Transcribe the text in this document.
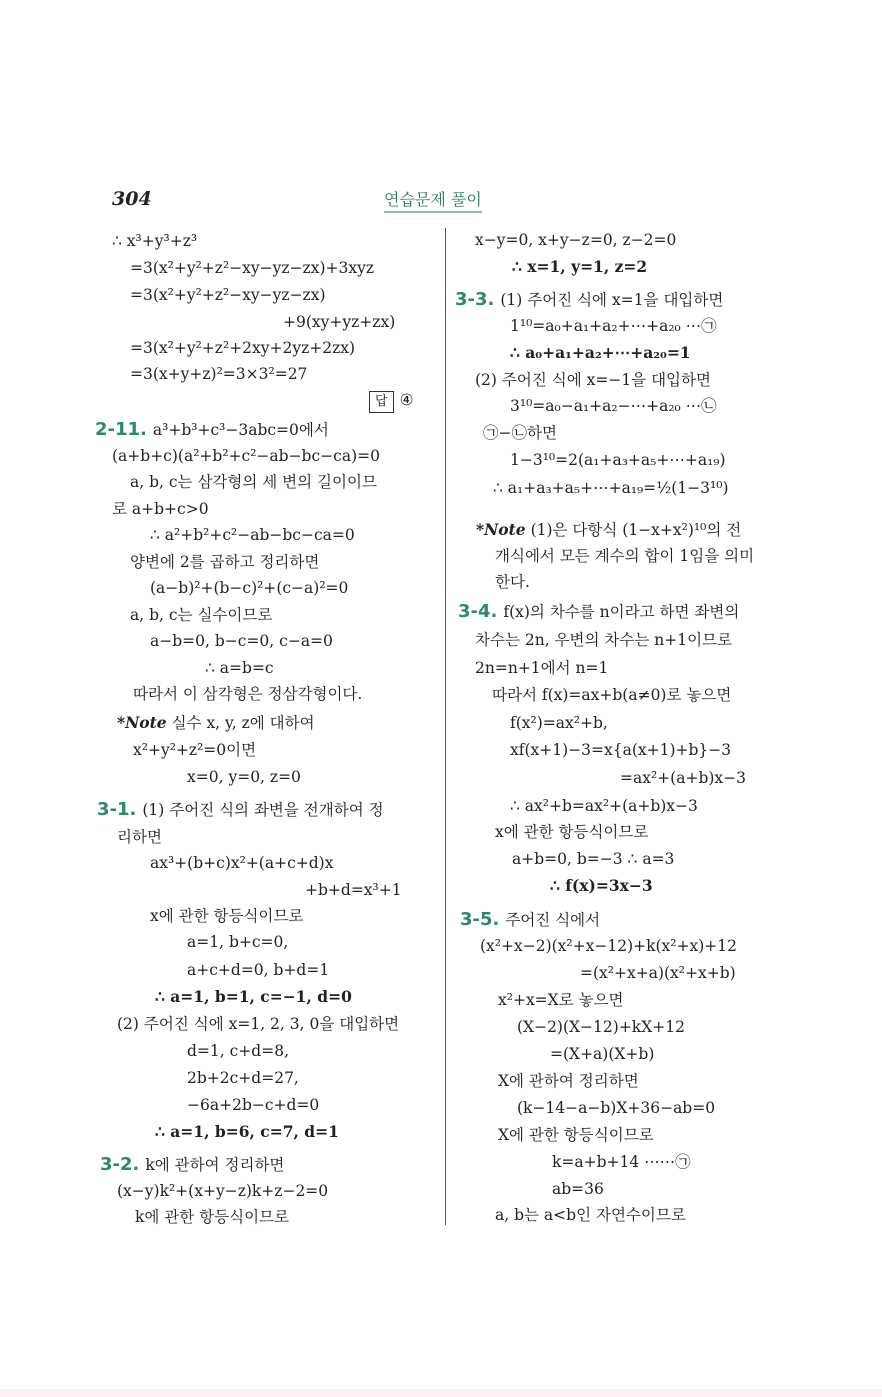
304	연습문제 풀이
∴ x³+y³+z³
=3(x²+y²+z²−xy−yz−zx)+3xyz
=3(x²+y²+z²−xy−yz−zx)
+9(xy+yz+zx)
=3(x²+y²+z²+2xy+2yz+2zx)
=3(x+y+z)²=3×3²=27
답 ④
2-11. a³+b³+c³−3abc=0에서
(a+b+c)(a²+b²+c²−ab−bc−ca)=0
a, b, c는 삼각형의 세 변의 길이이므
로 a+b+c>0
∴ a²+b²+c²−ab−bc−ca=0
양변에 2를 곱하고 정리하면
(a−b)²+(b−c)²+(c−a)²=0
a, b, c는 실수이므로
a−b=0, b−c=0, c−a=0
∴ a=b=c
따라서 이 삼각형은 정삼각형이다.
*Note 실수 x, y, z에 대하여
x²+y²+z²=0이면
x=0, y=0, z=0
3-1. (1) 주어진 식의 좌변을 전개하여 정
리하면
ax³+(b+c)x²+(a+c+d)x
+b+d=x³+1
x에 관한 항등식이므로
a=1, b+c=0,
a+c+d=0, b+d=1
∴ a=1, b=1, c=−1, d=0
(2) 주어진 식에 x=1, 2, 3, 0을 대입하면
d=1, c+d=8,
2b+2c+d=27,
−6a+2b−c+d=0
∴ a=1, b=6, c=7, d=1
3-2. k에 관하여 정리하면
(x−y)k²+(x+y−z)k+z−2=0
k에 관한 항등식이므로
x−y=0, x+y−z=0, z−2=0
∴ x=1, y=1, z=2
3-3. (1) 주어진 식에 x=1을 대입하면
1¹⁰=a₀+a₁+a₂+⋯+a₂₀ ⋯㉠
∴ a₀+a₁+a₂+⋯+a₂₀=1
(2) 주어진 식에 x=−1을 대입하면
3¹⁰=a₀−a₁+a₂−⋯+a₂₀ ⋯㉡
㉠−㉡하면
1−3¹⁰=2(a₁+a₃+a₅+⋯+a₁₉)
∴ a₁+a₃+a₅+⋯+a₁₉=½(1−3¹⁰)
*Note (1)은 다항식 (1−x+x²)¹⁰의 전
개식에서 모든 계수의 합이 1임을 의미
한다.
3-4. f(x)의 차수를 n이라고 하면 좌변의
차수는 2n, 우변의 차수는 n+1이므로
2n=n+1에서 n=1
따라서 f(x)=ax+b(a≠0)로 놓으면
f(x²)=ax²+b,
xf(x+1)−3=x{a(x+1)+b}−3
=ax²+(a+b)x−3
∴ ax²+b=ax²+(a+b)x−3
x에 관한 항등식이므로
a+b=0, b=−3 ∴ a=3
∴ f(x)=3x−3
3-5. 주어진 식에서
(x²+x−2)(x²+x−12)+k(x²+x)+12
=(x²+x+a)(x²+x+b)
x²+x=X로 놓으면
(X−2)(X−12)+kX+12
=(X+a)(X+b)
X에 관하여 정리하면
(k−14−a−b)X+36−ab=0
X에 관한 항등식이므로
k=a+b+14 ⋯⋯㉠
ab=36
a, b는 a<b인 자연수이므로
